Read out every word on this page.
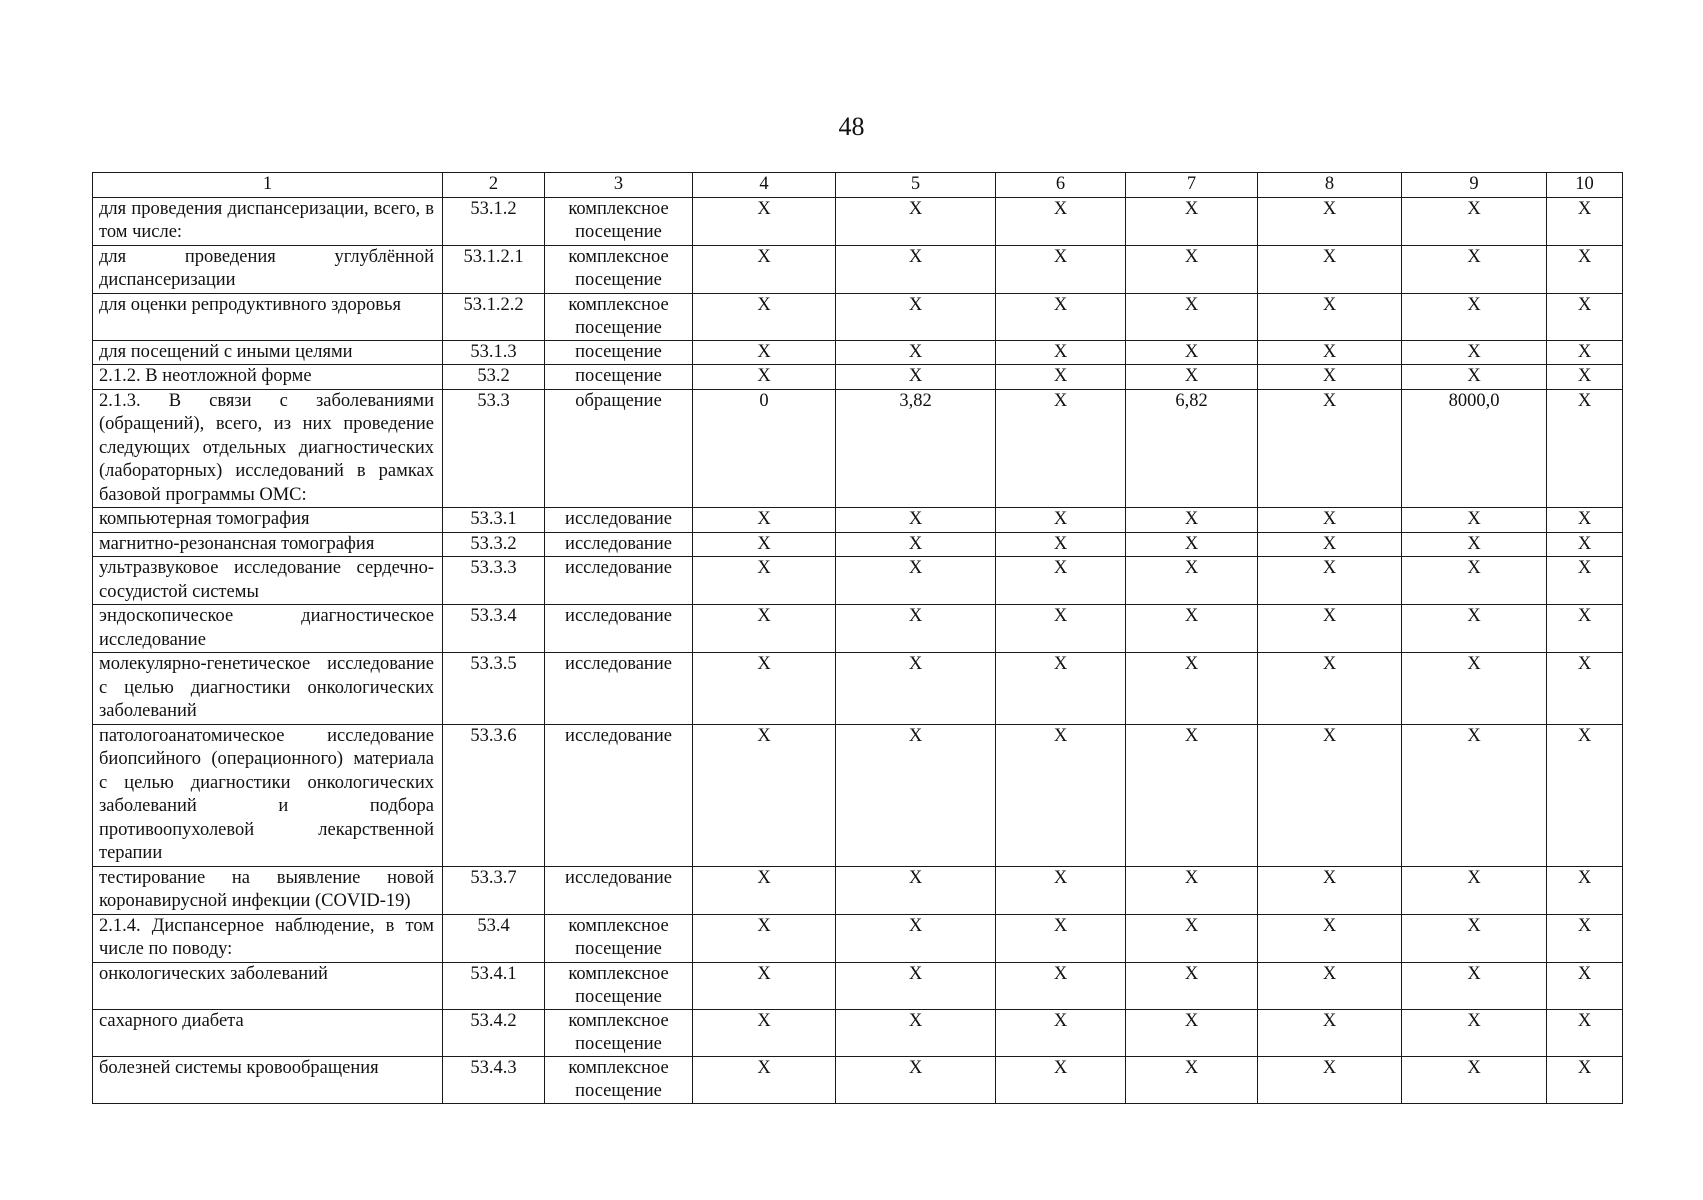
48
1	2	3	4	5	6	7	8	9	10
для проведения диспансеризации, всего, в том числе:	53.1.2	комплексное посещение	Х	Х	Х	Х	Х	Х	Х
для проведения углублённой диспансеризации	53.1.2.1	комплексное посещение	Х	Х	Х	Х	Х	Х	Х
для оценки репродуктивного здоровья	53.1.2.2	комплексное посещение	Х	Х	Х	Х	Х	Х	Х
для посещений с иными целями	53.1.3	посещение	Х	Х	Х	Х	Х	Х	Х
2.1.2. В неотложной форме	53.2	посещение	Х	Х	Х	Х	Х	Х	Х
2.1.3. В связи с заболеваниями (обращений), всего, из них проведение следующих отдельных диагностических (лабораторных) исследований в рамках базовой программы ОМС:	53.3	обращение	0	3,82	Х	6,82	Х	8000,0	Х
компьютерная томография	53.3.1	исследование	Х	Х	Х	Х	Х	Х	Х
магнитно-резонансная томография	53.3.2	исследование	Х	Х	Х	Х	Х	Х	Х
ультразвуковое исследование сердечно-сосудистой системы	53.3.3	исследование	Х	Х	Х	Х	Х	Х	Х
эндоскопическое диагностическое исследование	53.3.4	исследование	Х	Х	Х	Х	Х	Х	Х
молекулярно-генетическое исследование с целью диагностики онкологических заболеваний	53.3.5	исследование	Х	Х	Х	Х	Х	Х	Х
патологоанатомическое исследование биопсийного (операционного) материала с целью диагностики онкологических заболеваний и подбора противоопухолевой лекарственной терапии	53.3.6	исследование	Х	Х	Х	Х	Х	Х	Х
тестирование на выявление новой коронавирусной инфекции (COVID-19)	53.3.7	исследование	Х	Х	Х	Х	Х	Х	Х
2.1.4. Диспансерное наблюдение, в том числе по поводу:	53.4	комплексное посещение	Х	Х	Х	Х	Х	Х	Х
онкологических заболеваний	53.4.1	комплексное посещение	Х	Х	Х	Х	Х	Х	Х
сахарного диабета	53.4.2	комплексное посещение	Х	Х	Х	Х	Х	Х	Х
болезней системы кровообращения	53.4.3	комплексное посещение	Х	Х	Х	Х	Х	Х	Х
